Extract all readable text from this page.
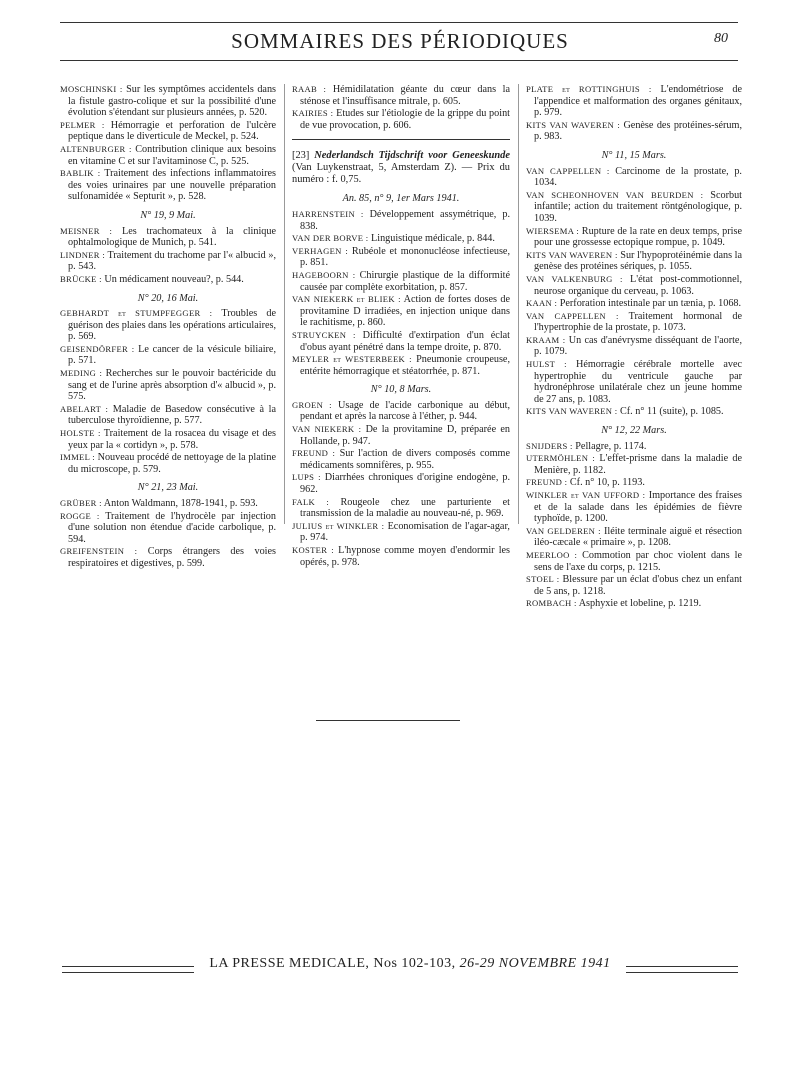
SOMMAIRES DES PÉRIODIQUES	80
MOSCHINSKI : Sur les symptômes accidentels dans la fistule gastro-colique et sur la possibilité d'une évolution s'étendant sur plusieurs années, p. 520.
PELMER : Hémorragie et perforation de l'ulcère peptique dans le diverticule de Meckel, p. 524.
ALTENBURGER : Contribution clinique aux besoins en vitamine C et sur l'avitaminose C, p. 525.
BABLIK : Traitement des infections inflammatoires des voies urinaires par une nouvelle préparation sulfonamidée « Septurit », p. 528.
N° 19, 9 Mai.
MEISNER : Les trachomateux à la clinique ophtalmologique de Munich, p. 541.
LINDNER : Traitement du trachome par l'« albucid », p. 543.
BRÜCKE : Un médicament nouveau?, p. 544.
N° 20, 16 Mai.
GEBHARDT et STUMPFEGGER : Troubles de guérison des plaies dans les opérations articulaires, p. 569.
GEISENDÖRFER : Le cancer de la vésicule biliaire, p. 571.
MEDING : Recherches sur le pouvoir bactéricide du sang et de l'urine après absorption d'« albucid », p. 575.
ABELART : Maladie de Basedow consécutive à la tuberculose thyroïdienne, p. 577.
HOLSTE : Traitement de la rosacea du visage et des yeux par la « cortidyn », p. 578.
IMMEL : Nouveau procédé de nettoyage de la platine du microscope, p. 579.
N° 21, 23 Mai.
GRÜBER : Anton Waldmann, 1878-1941, p. 593.
ROGGE : Traitement de l'hydrocèle par injection d'une solution non étendue d'acide carbolique, p. 594.
GREIFENSTEIN : Corps étrangers des voies respiratoires et digestives, p. 599.
RAAB : Hémidilatation géante du cœur dans la sténose et l'insuffisance mitrale, p. 605.
KAIRIES : Etudes sur l'étiologie de la grippe du point de vue provocation, p. 606.
[23] Nederlandsch Tijdschrift voor Geneeskunde (Van Luykenstraat, 5, Amsterdam Z). — Prix du numéro : f. 0,75.
An. 85, n° 9, 1er Mars 1941.
HARRENSTEIN : Développement assymétrique, p. 838.
VAN DER BORVE : Linguistique médicale, p. 844.
VERHAGEN : Rubéole et mononucléose infectieuse, p. 851.
HAGEBOORN : Chirurgie plastique de la difformité causée par complète exorbitation, p. 857.
VAN NIEKERK et BLIEK : Action de fortes doses de provitamine D irradiées, en injection unique dans le rachitisme, p. 860.
STRUYCKEN : Difficulté d'extirpation d'un éclat d'obus ayant pénétré dans la tempe droite, p. 870.
MEYLER et WESTERBEEK : Pneumonie croupeuse, entérite hémorragique et stéatorrhée, p. 871.
N° 10, 8 Mars.
GROEN : Usage de l'acide carbonique au début, pendant et après la narcose à l'éther, p. 944.
VAN NIEKERK : De la provitamine D, préparée en Hollande, p. 947.
FREUND : Sur l'action de divers composés comme médicaments somnifères, p. 955.
LUPS : Diarrhées chroniques d'origine endogène, p. 962.
FALK : Rougeole chez une parturiente et transmission de la maladie au nouveau-né, p. 969.
JULIUS et WINKLER : Economisation de l'agar-agar, p. 974.
KOSTER : L'hypnose comme moyen d'endormir les opérés, p. 978.
PLATE et ROTTINGHUIS : L'endométriose de l'appendice et malformation des organes génitaux, p. 979.
KITS VAN WAVEREN : Genèse des protéines-sérum, p. 983.
N° 11, 15 Mars.
VAN CAPPELLEN : Carcinome de la prostate, p. 1034.
VAN SCHEONHOVEN VAN BEURDEN : Scorbut infantile; action du traitement röntgénologique, p. 1039.
WIERSEMA : Rupture de la rate en deux temps, prise pour une grossesse ectopique rompue, p. 1049.
KITS VAN WAVEREN : Sur l'hypoprotéinémie dans la genèse des protéines sériques, p. 1055.
VAN VALKENBURG : L'état post-commotionnel, neurose organique du cerveau, p. 1063.
KAAN : Perforation intestinale par un tænia, p. 1068.
VAN CAPPELLEN : Traitement hormonal de l'hypertrophie de la prostate, p. 1073.
KRAAM : Un cas d'anévrysme disséquant de l'aorte, p. 1079.
HULST : Hémorragie cérébrale mortelle avec hypertrophie du ventricule gauche par hydronéphrose unilatérale chez un jeune homme de 27 ans, p. 1083.
KITS VAN WAVEREN : Cf. n° 11 (suite), p. 1085.
N° 12, 22 Mars.
SNIJDERS : Pellagre, p. 1174.
UTERMÖHLEN : L'effet-prisme dans la maladie de Menière, p. 1182.
FREUND : Cf. n° 10, p. 1193.
WINKLER et VAN UFFORD : Importance des fraises et de la salade dans les épidémies de fièvre typhoïde, p. 1200.
VAN GELDEREN : Iléite terminale aiguë et résection iléo-cæcale « primaire », p. 1208.
MEERLOO : Commotion par choc violent dans le sens de l'axe du corps, p. 1215.
STOEL : Blessure par un éclat d'obus chez un enfant de 5 ans, p. 1218.
ROMBACH : Asphyxie et lobeline, p. 1219.
LA PRESSE MEDICALE, Nos 102-103, 26-29 NOVEMBRE 1941
